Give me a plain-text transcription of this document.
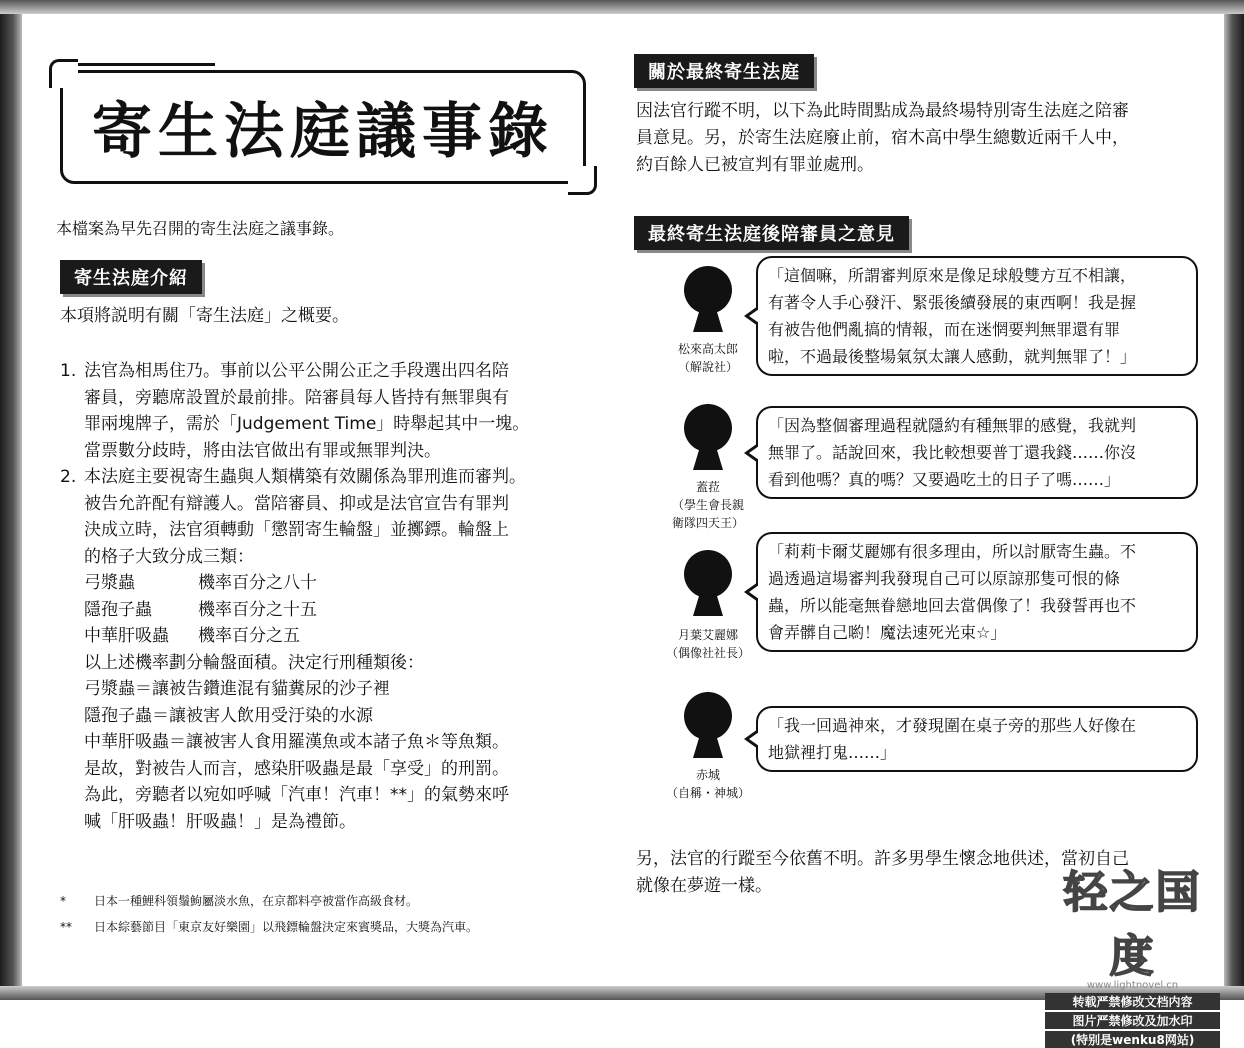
寄生法庭議事錄
本檔案為早先召開的寄生法庭之議事錄。
寄生法庭介紹
本項將説明有關「寄生法庭」之概要。
1. 法官為相馬住乃。事前以公平公開公正之手段選出四名陪
審員，旁聽席設置於最前排。陪審員每人皆持有無罪與有
罪兩塊牌子，需於「Judgement Time」時舉起其中一塊。
當票數分歧時，將由法官做出有罪或無罪判決。
2. 本法庭主要視寄生蟲與人類構築有效關係為罪刑進而審判。
被告允許配有辯護人。當陪審員、抑或是法官宣告有罪判
決成立時，法官須轉動「懲罰寄生輪盤」並擲鏢。輪盤上
的格子大致分成三類：
弓漿蟲	機率百分之八十
隱孢子蟲	機率百分之十五
中華肝吸蟲	機率百分之五
以上述機率劃分輪盤面積。決定行刑種類後：
弓漿蟲＝讓被告鑽進混有貓糞尿的沙子裡
隱孢子蟲＝讓被害人飲用受汙染的水源
中華肝吸蟲＝讓被害人食用羅漢魚或本諸子魚＊等魚類。
是故，對被告人而言，感染肝吸蟲是最「享受」的刑罰。
為此，旁聽者以宛如呼喊「汽車！汽車！**」的氣勢來呼
喊「肝吸蟲！肝吸蟲！」是為禮節。
*	日本一種鯉科領鬚鮈屬淡水魚，在京都料亭被當作高級食材。
**	日本綜藝節目「東京友好樂園」以飛鏢輪盤決定來賓獎品，大獎為汽車。
關於最終寄生法庭
因法官行蹤不明，以下為此時間點成為最終場特別寄生法庭之陪審
員意見。另，於寄生法庭廢止前，宿木高中學生總數近兩千人中，
約百餘人已被宣判有罪並處刑。
最終寄生法庭後陪審員之意見
松來高太郎
（解說社）
「這個嘛，所謂審判原來是像足球般雙方互不相讓，
有著令人手心發汗、緊張後續發展的東西啊！我是握
有被告他們亂搞的情報，而在迷惘要判無罪還有罪
啦，不過最後整場氣氛太讓人感動，就判無罪了！」
蓋菈
（學生會長親
衛隊四天王）
「因為整個審理過程就隱約有種無罪的感覺，我就判
無罪了。話說回來，我比較想要普丁還我錢……你沒
看到他嗎？真的嗎？又要過吃土的日子了嗎……」
月葉艾麗娜
（偶像社社長）
「莉莉卡爾艾麗娜有很多理由，所以討厭寄生蟲。不
過透過這場審判我發現自己可以原諒那隻可恨的條
蟲，所以能毫無眷戀地回去當偶像了！我發誓再也不
會弄髒自己喲！魔法速死光束☆」
赤城
（自稱・神城）
「我一回過神來，才發現圍在桌子旁的那些人好像在
地獄裡打鬼……」
另，法官的行蹤至今依舊不明。許多男學生懷念地供述，當初自己
就像在夢遊一樣。	轻之国度
www.lightnovel.cn
转载严禁修改文档内容
图片严禁修改及加水印
(特别是wenku8网站)
